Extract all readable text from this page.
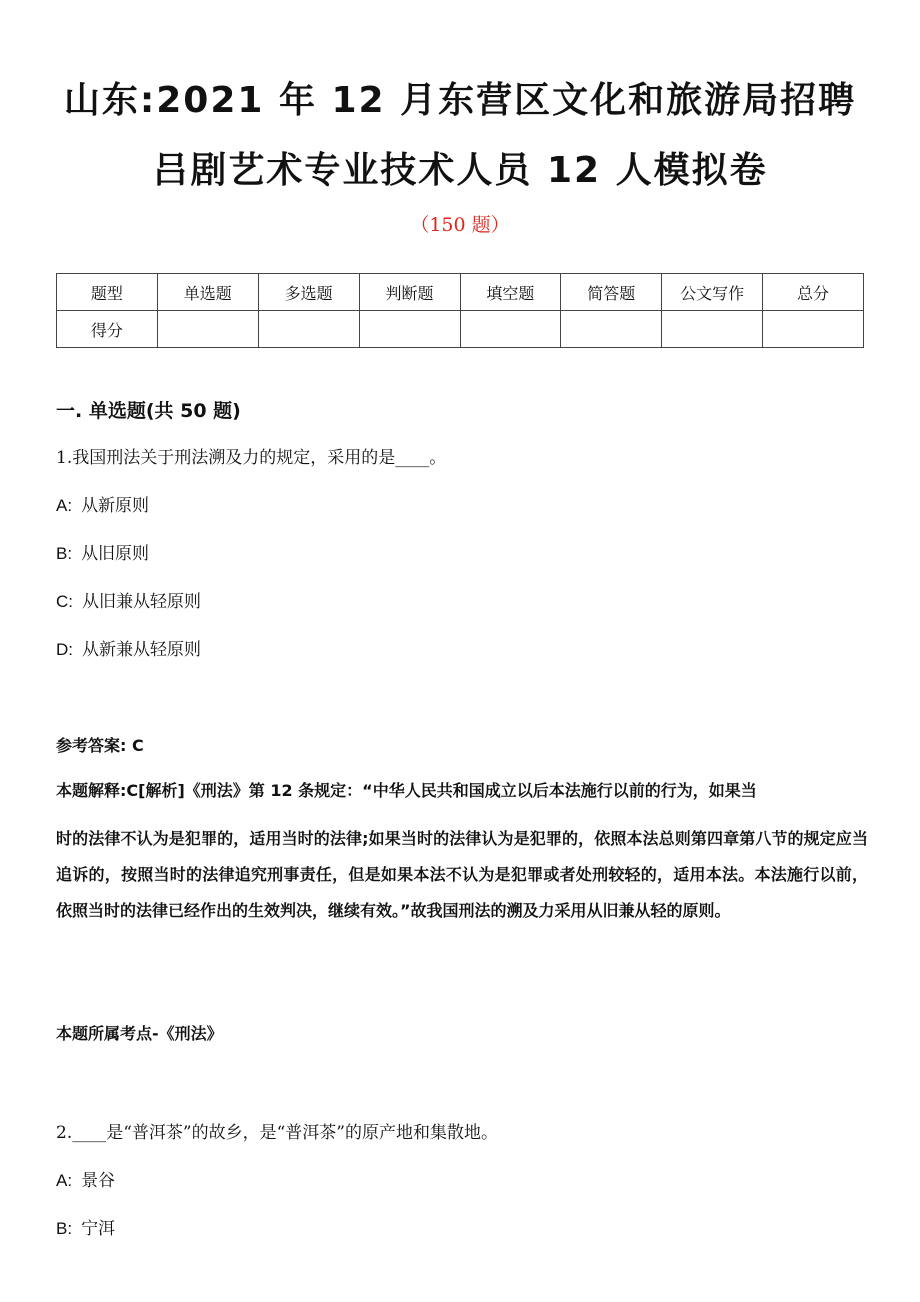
山东:2021 年 12 月东营区文化和旅游局招聘
吕剧艺术专业技术人员 12 人模拟卷
（150 题）
题型	单选题	多选题	判断题	填空题	简答题	公文写作	总分
得分							
一. 单选题(共 50 题)
1.我国刑法关于刑法溯及力的规定，采用的是____。
A: 从新原则
B: 从旧原则
C: 从旧兼从轻原则
D: 从新兼从轻原则
参考答案: C

本题解释:C[解析]《刑法》第 12 条规定：“中华人民共和国成立以后本法施行以前的行为，如果当
时的法律不认为是犯罪的，适用当时的法律;如果当时的法律认为是犯罪的，依照本法总则第四章第八节的规定应当追诉的，按照当时的法律追究刑事责任，但是如果本法不认为是犯罪或者处刑较轻的，适用本法。本法施行以前，依照当时的法律已经作出的生效判决，继续有效。”故我国刑法的溯及力采用从旧兼从轻的原则。

本题所属考点-《刑法》
2.____是“普洱茶”的故乡，是“普洱茶”的原产地和集散地。
A: 景谷
B: 宁洱
